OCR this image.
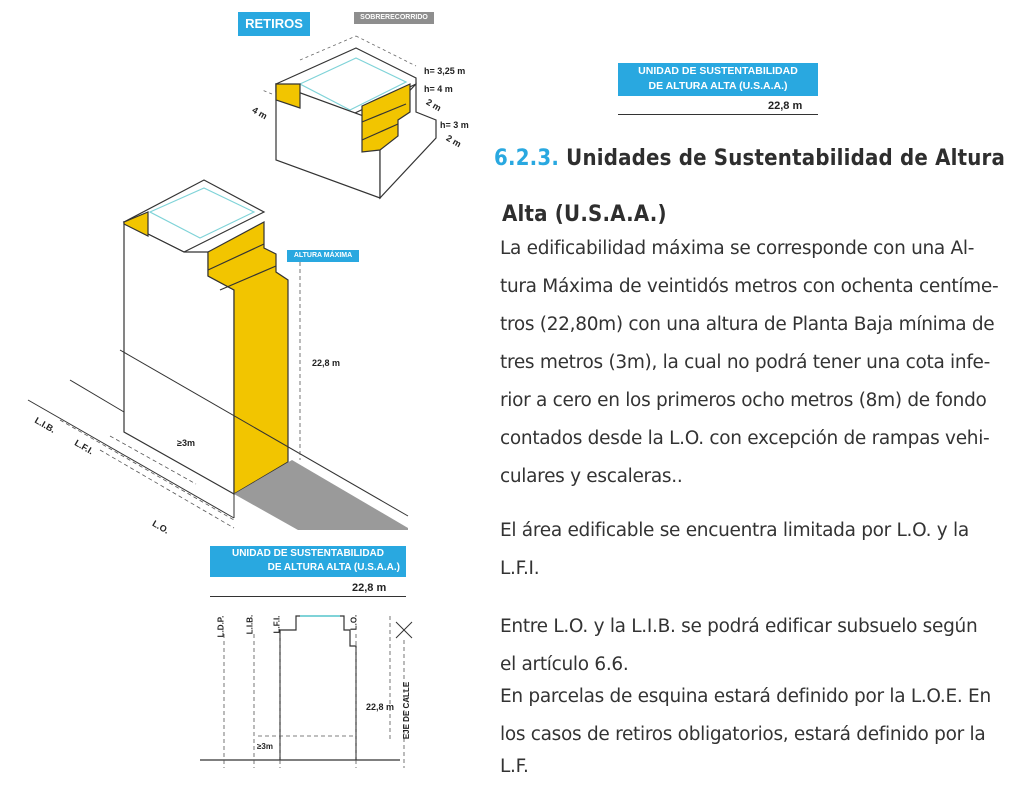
RETIROS	SOBRERECORRIDO
ALTURA MÁXIMA
h= 3,25 m
h= 4 m
2 m
h= 3 m
2 m
4 m
22,8 m
≥3m
L.I.B.
L.F.I.
L.O.
UNIDAD DE SUSTENTABILIDAD
DE ALTURA ALTA (U.S.A.A.)
22,8 m
L.D.P. L.I.B. L.F.I.	L.O.
22,8 m
≥3m
EJE DE CALLE
UNIDAD DE SUSTENTABILIDAD
DE ALTURA ALTA (U.S.A.A.)
22,8 m
6.2.3. Unidades de Sustentabilidad de Altura
Alta (U.S.A.A.)
La edificabilidad máxima se corresponde con una Al-
tura Máxima de veintidós metros con ochenta centíme-
tros (22,80m) con una altura de Planta Baja mínima de
tres metros (3m), la cual no podrá tener una cota infe-
rior a cero en los primeros ocho metros (8m) de fondo
contados desde la L.O. con excepción de rampas vehi-
culares y escaleras..
El área edificable se encuentra limitada por L.O. y la
L.F.I.
Entre L.O. y la L.I.B. se podrá edificar subsuelo según
el artículo 6.6.
En parcelas de esquina estará definido por la L.O.E. En
los casos de retiros obligatorios, estará definido por la
L.F.
